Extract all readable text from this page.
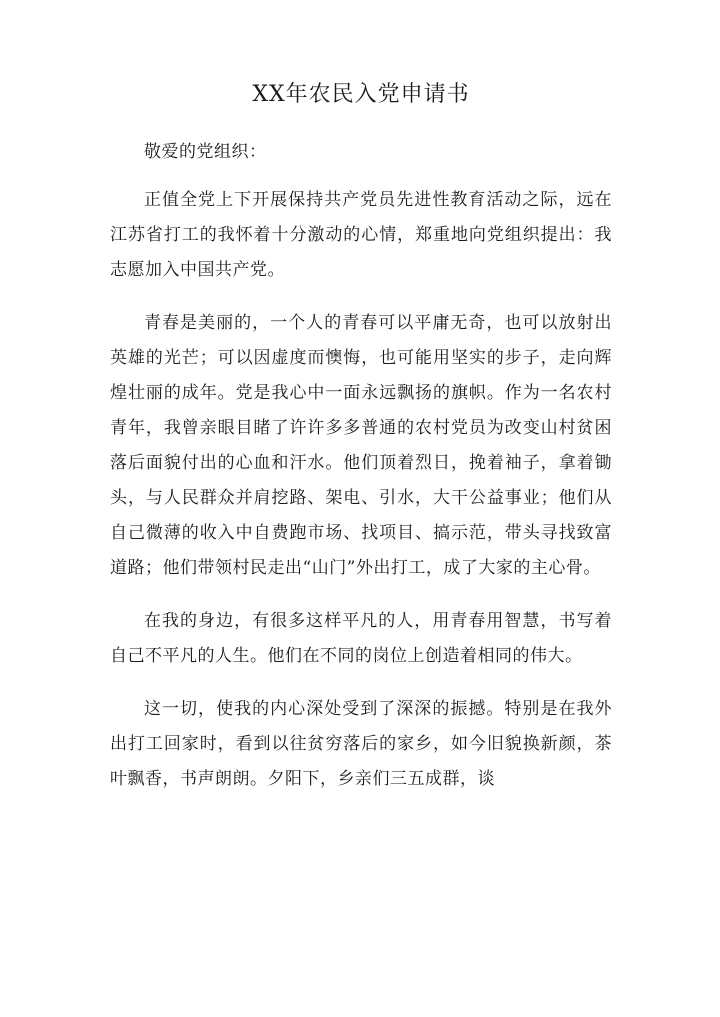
XX年农民入党申请书

敬爱的党组织：

正值全党上下开展保持共产党员先进性教育活动之际，远在江苏省打工的我怀着十分激动的心情，郑重地向党组织提出：我志愿加入中国共产党。

青春是美丽的，一个人的青春可以平庸无奇，也可以放射出英雄的光芒；可以因虚度而懊悔，也可能用坚实的步子，走向辉煌壮丽的成年。党是我心中一面永远飘扬的旗帜。作为一名农村青年，我曾亲眼目睹了许许多多普通的农村党员为改变山村贫困落后面貌付出的心血和汗水。他们顶着烈日，挽着袖子，拿着锄头，与人民群众并肩挖路、架电、引水，大干公益事业；他们从自己微薄的收入中自费跑市场、找项目、搞示范，带头寻找致富道路；他们带领村民走出“山门”外出打工，成了大家的主心骨。

在我的身边，有很多这样平凡的人，用青春用智慧，书写着自己不平凡的人生。他们在不同的岗位上创造着相同的伟大。

这一切，使我的内心深处受到了深深的振撼。特别是在我外出打工回家时，看到以往贫穷落后的家乡，如今旧貌换新颜，茶叶飘香，书声朗朗。夕阳下，乡亲们三五成群，谈
